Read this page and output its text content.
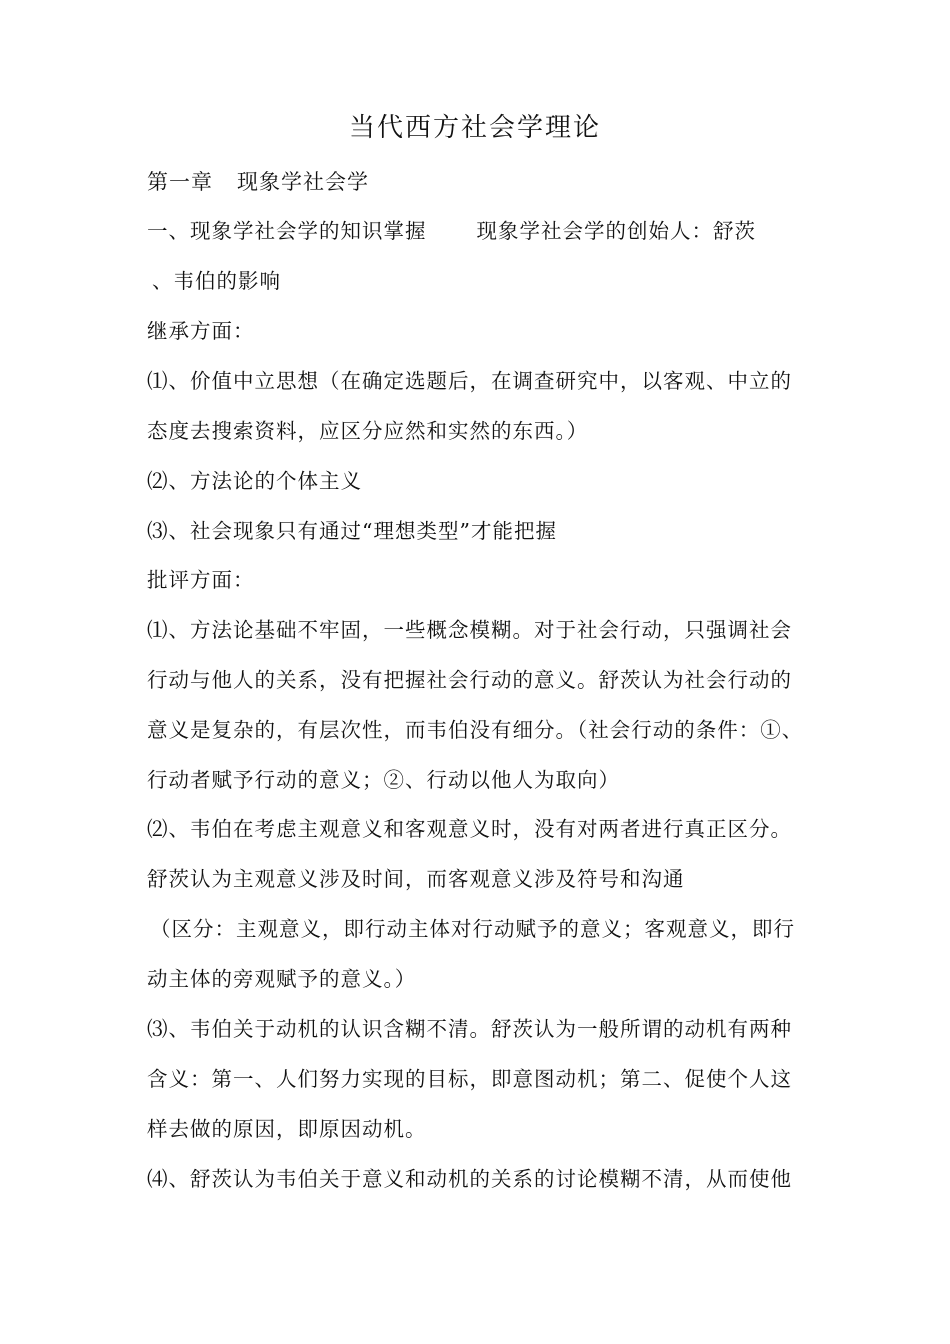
当代西方社会学理论
第一章 现象学社会学
一、现象学社会学的知识掌握 现象学社会学的创始人：舒茨
、韦伯的影响
继承方面：
⑴、价值中立思想（在确定选题后，在调查研究中，以客观、中立的
态度去搜索资料，应区分应然和实然的东西。）
⑵、方法论的个体主义
⑶、社会现象只有通过“理想类型”才能把握
批评方面：
⑴、方法论基础不牢固，一些概念模糊。对于社会行动，只强调社会
行动与他人的关系，没有把握社会行动的意义。舒茨认为社会行动的
意义是复杂的，有层次性，而韦伯没有细分。（社会行动的条件：①、
行动者赋予行动的意义；②、行动以他人为取向）
⑵、韦伯在考虑主观意义和客观意义时，没有对两者进行真正区分。
舒茨认为主观意义涉及时间，而客观意义涉及符号和沟通
（区分：主观意义，即行动主体对行动赋予的意义；客观意义，即行
动主体的旁观赋予的意义。）
⑶、韦伯关于动机的认识含糊不清。舒茨认为一般所谓的动机有两种
含义：第一、人们努力实现的目标，即意图动机；第二、促使个人这
样去做的原因，即原因动机。
⑷、舒茨认为韦伯关于意义和动机的关系的讨论模糊不清，从而使他
